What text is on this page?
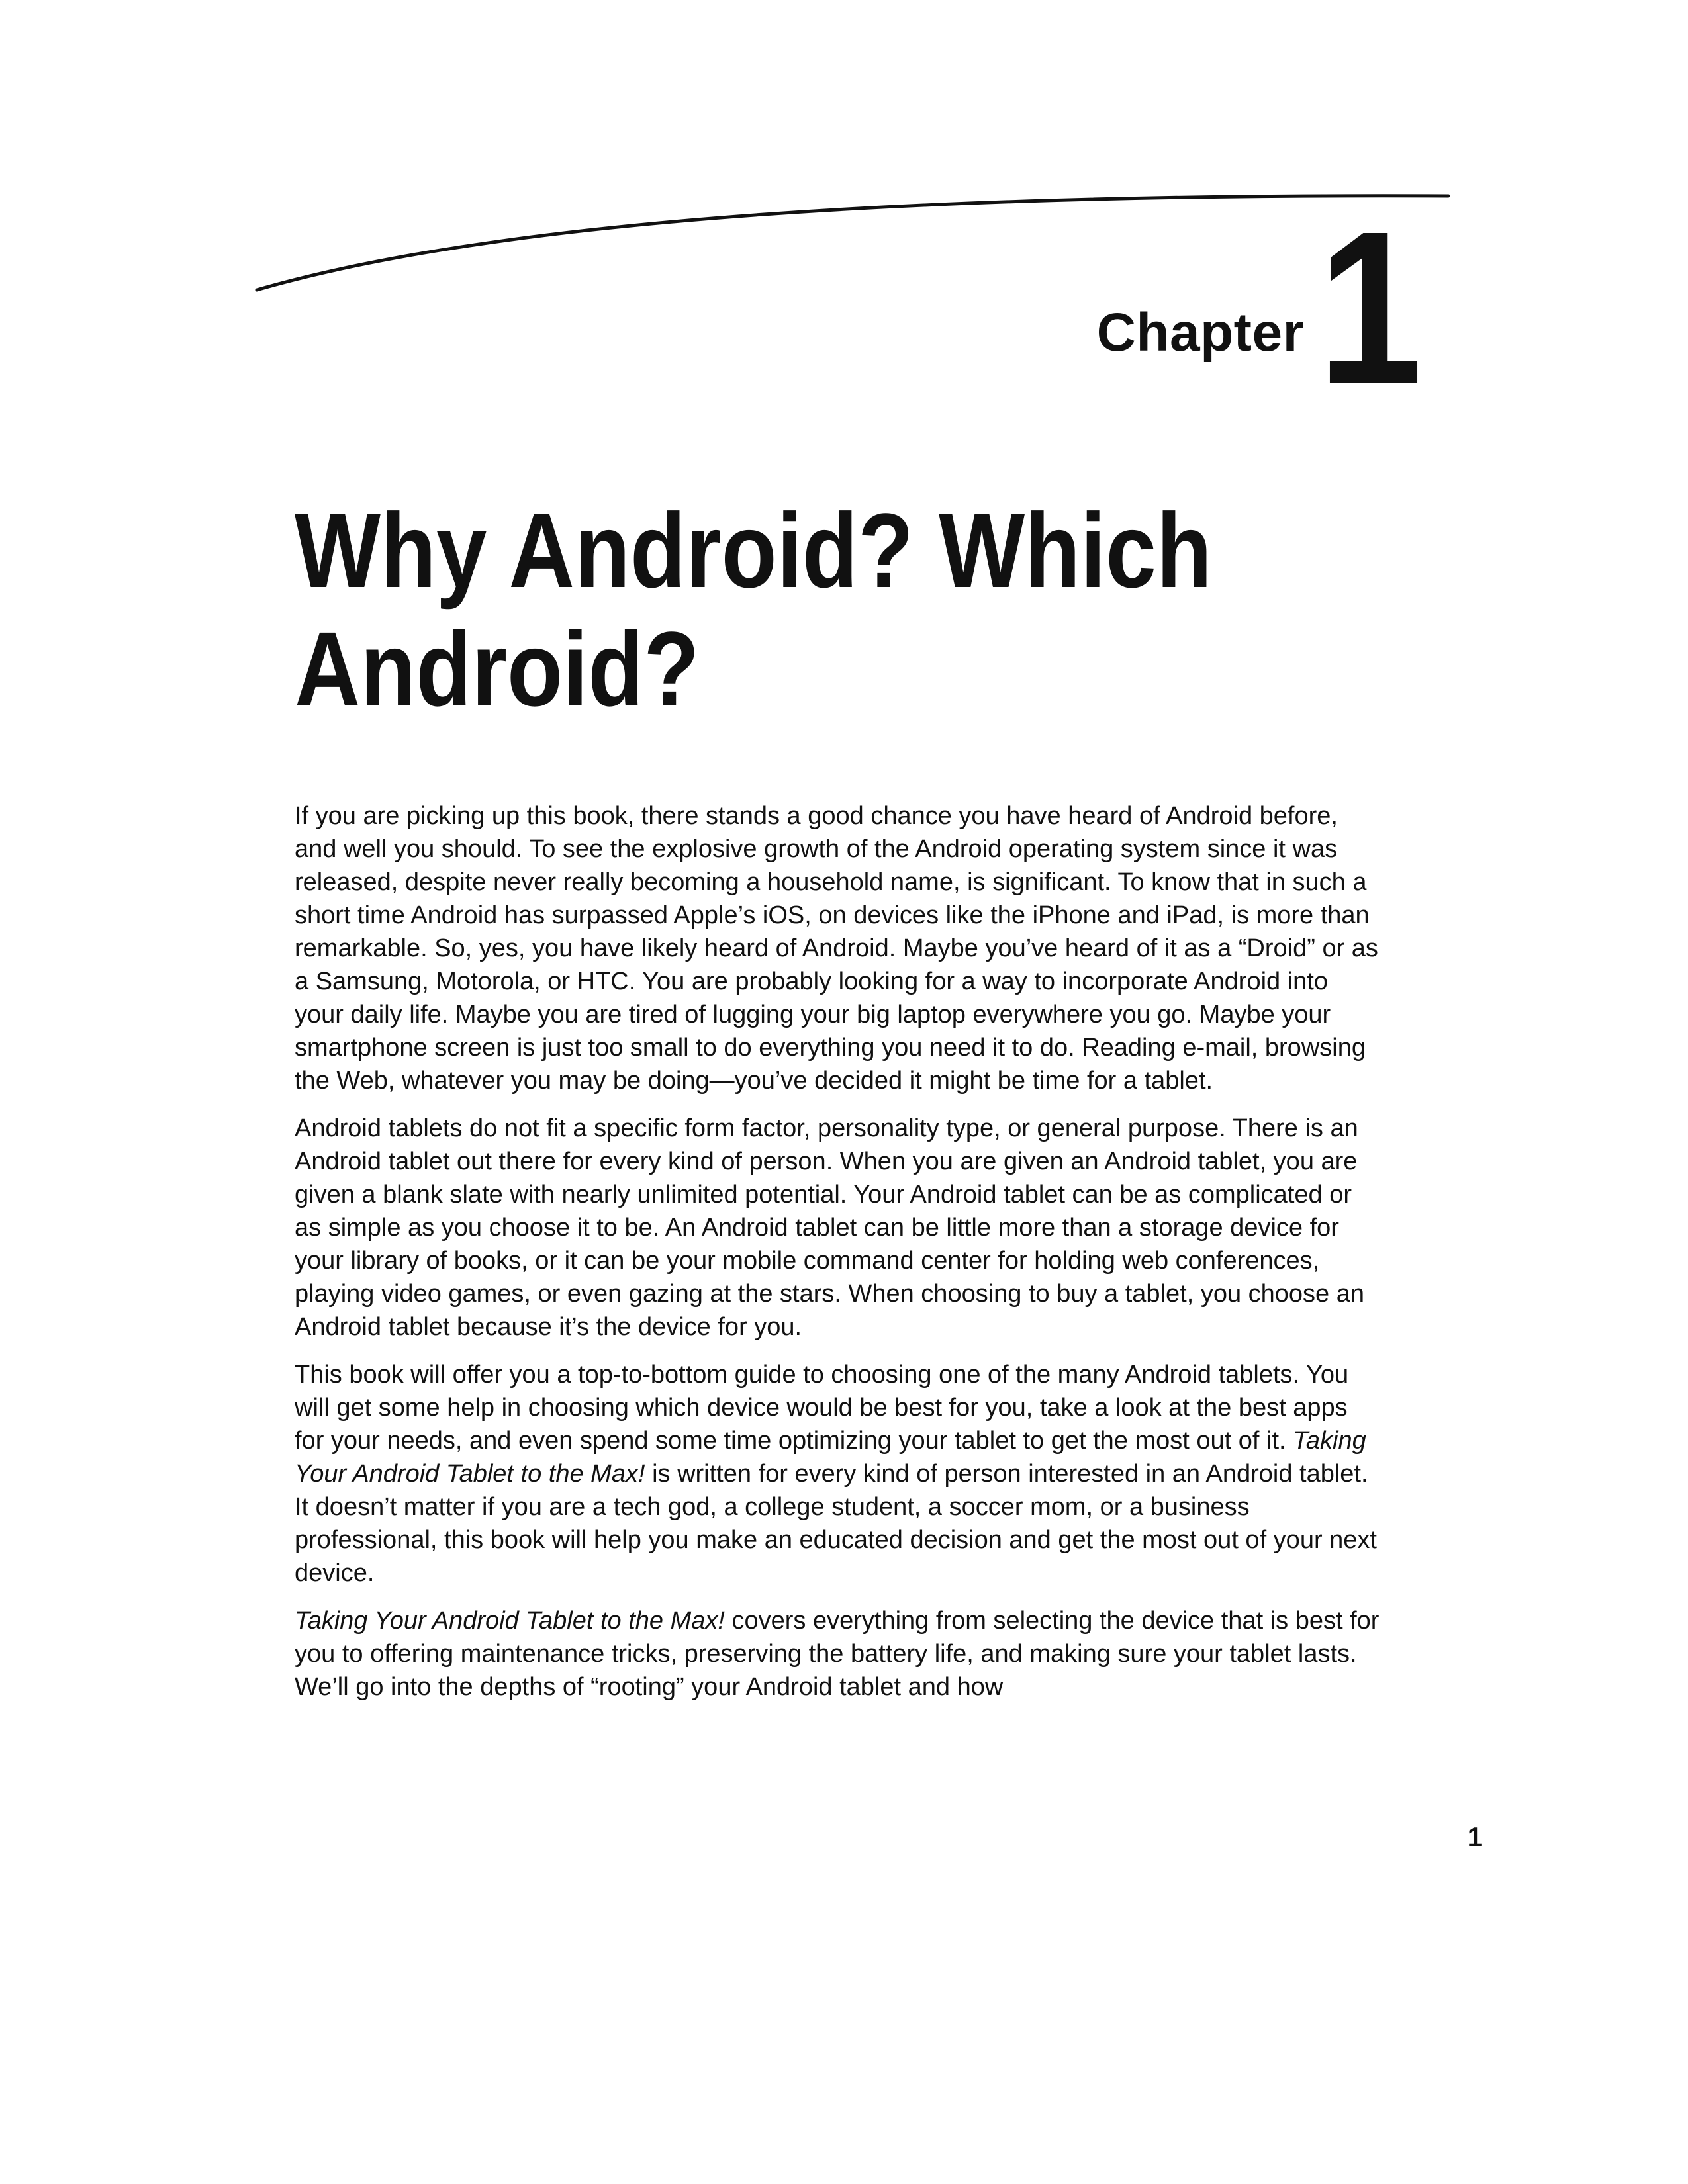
Chapter 1
Why Android? Which
Android?

If you are picking up this book, there stands a good chance you have heard of Android before, and well you should. To see the explosive growth of the Android operating system since it was released, despite never really becoming a household name, is significant. To know that in such a short time Android has surpassed Apple’s iOS, on devices like the iPhone and iPad, is more than remarkable. So, yes, you have likely heard of Android. Maybe you’ve heard of it as a “Droid” or as a Samsung, Motorola, or HTC. You are probably looking for a way to incorporate Android into your daily life. Maybe you are tired of lugging your big laptop everywhere you go. Maybe your smartphone screen is just too small to do everything you need it to do. Reading e-mail, browsing the Web, whatever you may be doing—you’ve decided it might be time for a tablet.

Android tablets do not fit a specific form factor, personality type, or general purpose. There is an Android tablet out there for every kind of person. When you are given an Android tablet, you are given a blank slate with nearly unlimited potential. Your Android tablet can be as complicated or as simple as you choose it to be. An Android tablet can be little more than a storage device for your library of books, or it can be your mobile command center for holding web conferences, playing video games, or even gazing at the stars. When choosing to buy a tablet, you choose an Android tablet because it’s the device for you.

This book will offer you a top-to-bottom guide to choosing one of the many Android tablets. You will get some help in choosing which device would be best for you, take a look at the best apps for your needs, and even spend some time optimizing your tablet to get the most out of it. Taking Your Android Tablet to the Max! is written for every kind of person interested in an Android tablet. It doesn’t matter if you are a tech god, a college student, a soccer mom, or a business professional, this book will help you make an educated decision and get the most out of your next device.

Taking Your Android Tablet to the Max! covers everything from selecting the device that is best for you to offering maintenance tricks, preserving the battery life, and making sure your tablet lasts. We’ll go into the depths of “rooting” your Android tablet and how

1
